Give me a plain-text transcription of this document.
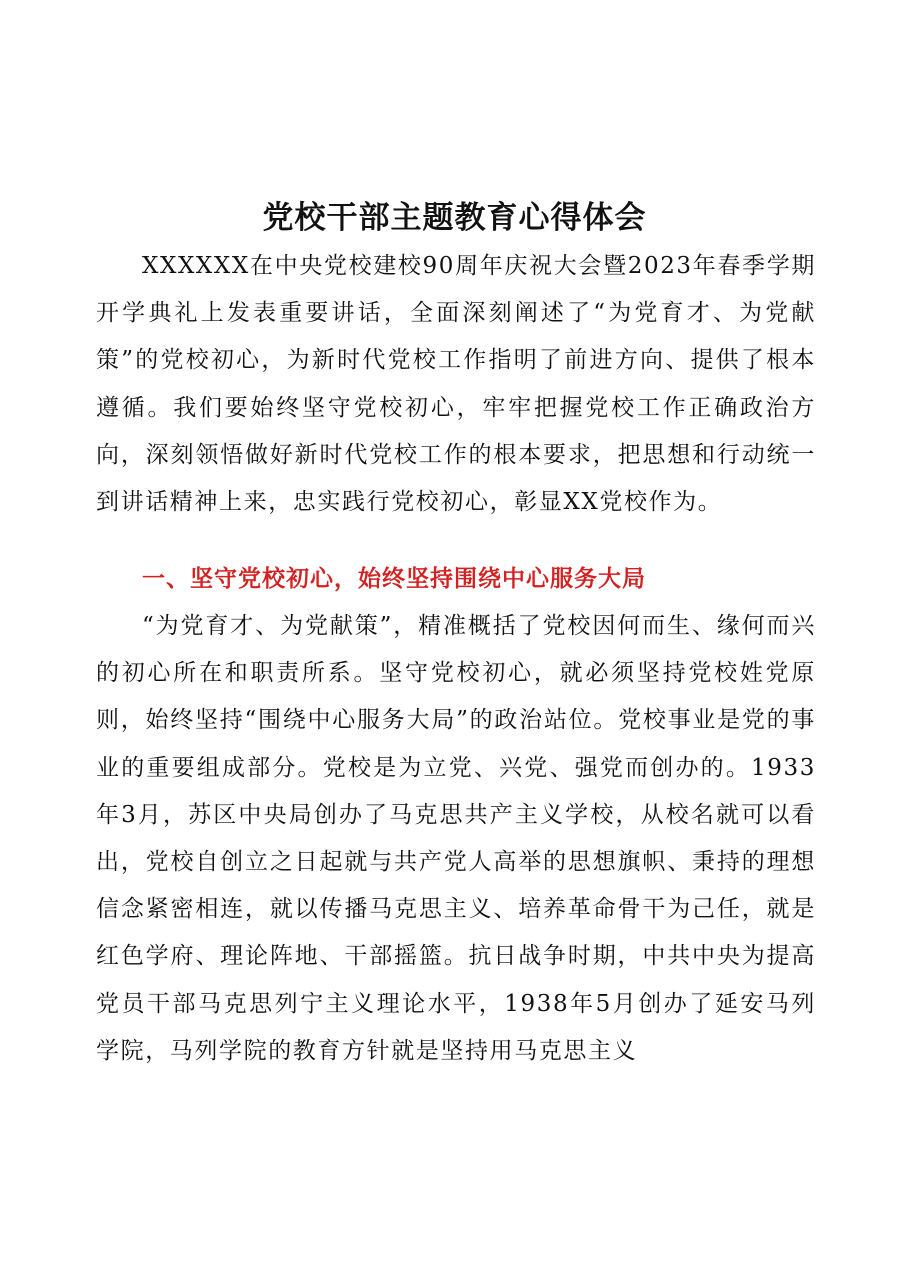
党校干部主题教育心得体会

XXXXXX在中央党校建校90周年庆祝大会暨2023年春季学期开学典礼上发表重要讲话，全面深刻阐述了“为党育才、为党献策”的党校初心，为新时代党校工作指明了前进方向、提供了根本遵循。我们要始终坚守党校初心，牢牢把握党校工作正确政治方向，深刻领悟做好新时代党校工作的根本要求，把思想和行动统一到讲话精神上来，忠实践行党校初心，彰显XX党校作为。

一、坚守党校初心，始终坚持围绕中心服务大局

“为党育才、为党献策”，精准概括了党校因何而生、缘何而兴的初心所在和职责所系。坚守党校初心，就必须坚持党校姓党原则，始终坚持“围绕中心服务大局”的政治站位。党校事业是党的事业的重要组成部分。党校是为立党、兴党、强党而创办的。1933年3月，苏区中央局创办了马克思共产主义学校，从校名就可以看出，党校自创立之日起就与共产党人高举的思想旗帜、秉持的理想信念紧密相连，就以传播马克思主义、培养革命骨干为己任，就是红色学府、理论阵地、干部摇篮。抗日战争时期，中共中央为提高党员干部马克思列宁主义理论水平，1938年5月创办了延安马列学院，马列学院的教育方针就是坚持用马克思主义
